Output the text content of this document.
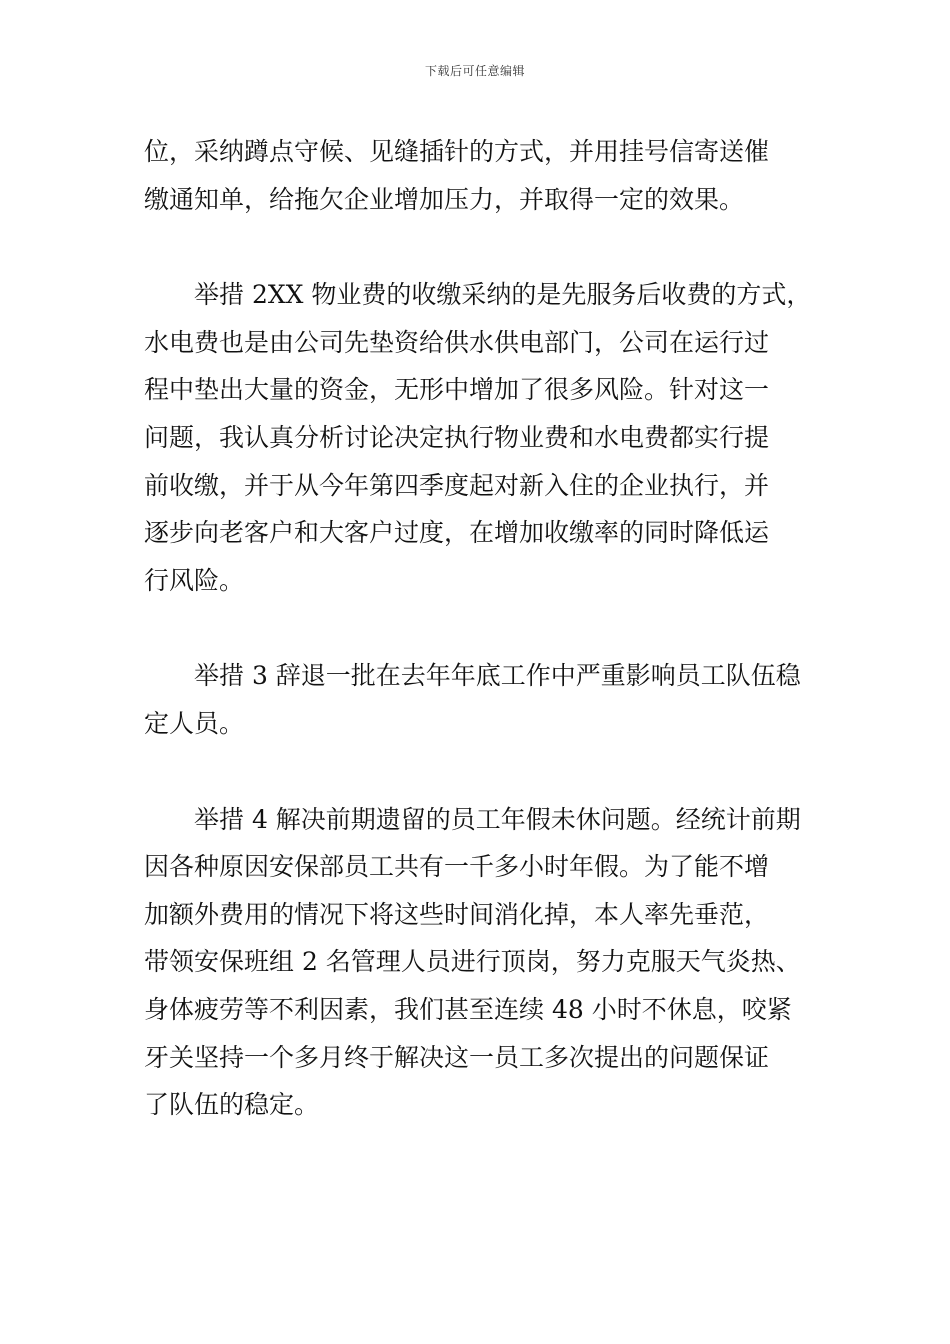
下载后可任意编辑

位，采纳蹲点守候、见缝插针的方式，并用挂号信寄送催
缴通知单，给拖欠企业增加压力，并取得一定的效果。

举措 2XX 物业费的收缴采纳的是先服务后收费的方式，
水电费也是由公司先垫资给供水供电部门，公司在运行过
程中垫出大量的资金，无形中增加了很多风险。针对这一
问题，我认真分析讨论决定执行物业费和水电费都实行提
前收缴，并于从今年第四季度起对新入住的企业执行，并
逐步向老客户和大客户过度，在增加收缴率的同时降低运
行风险。

举措 3 辞退一批在去年年底工作中严重影响员工队伍稳
定人员。

举措 4 解决前期遗留的员工年假未休问题。经统计前期
因各种原因安保部员工共有一千多小时年假。为了能不增
加额外费用的情况下将这些时间消化掉，本人率先垂范，
带领安保班组 2 名管理人员进行顶岗，努力克服天气炎热、
身体疲劳等不利因素，我们甚至连续 48 小时不休息，咬紧
牙关坚持一个多月终于解决这一员工多次提出的问题保证
了队伍的稳定。
